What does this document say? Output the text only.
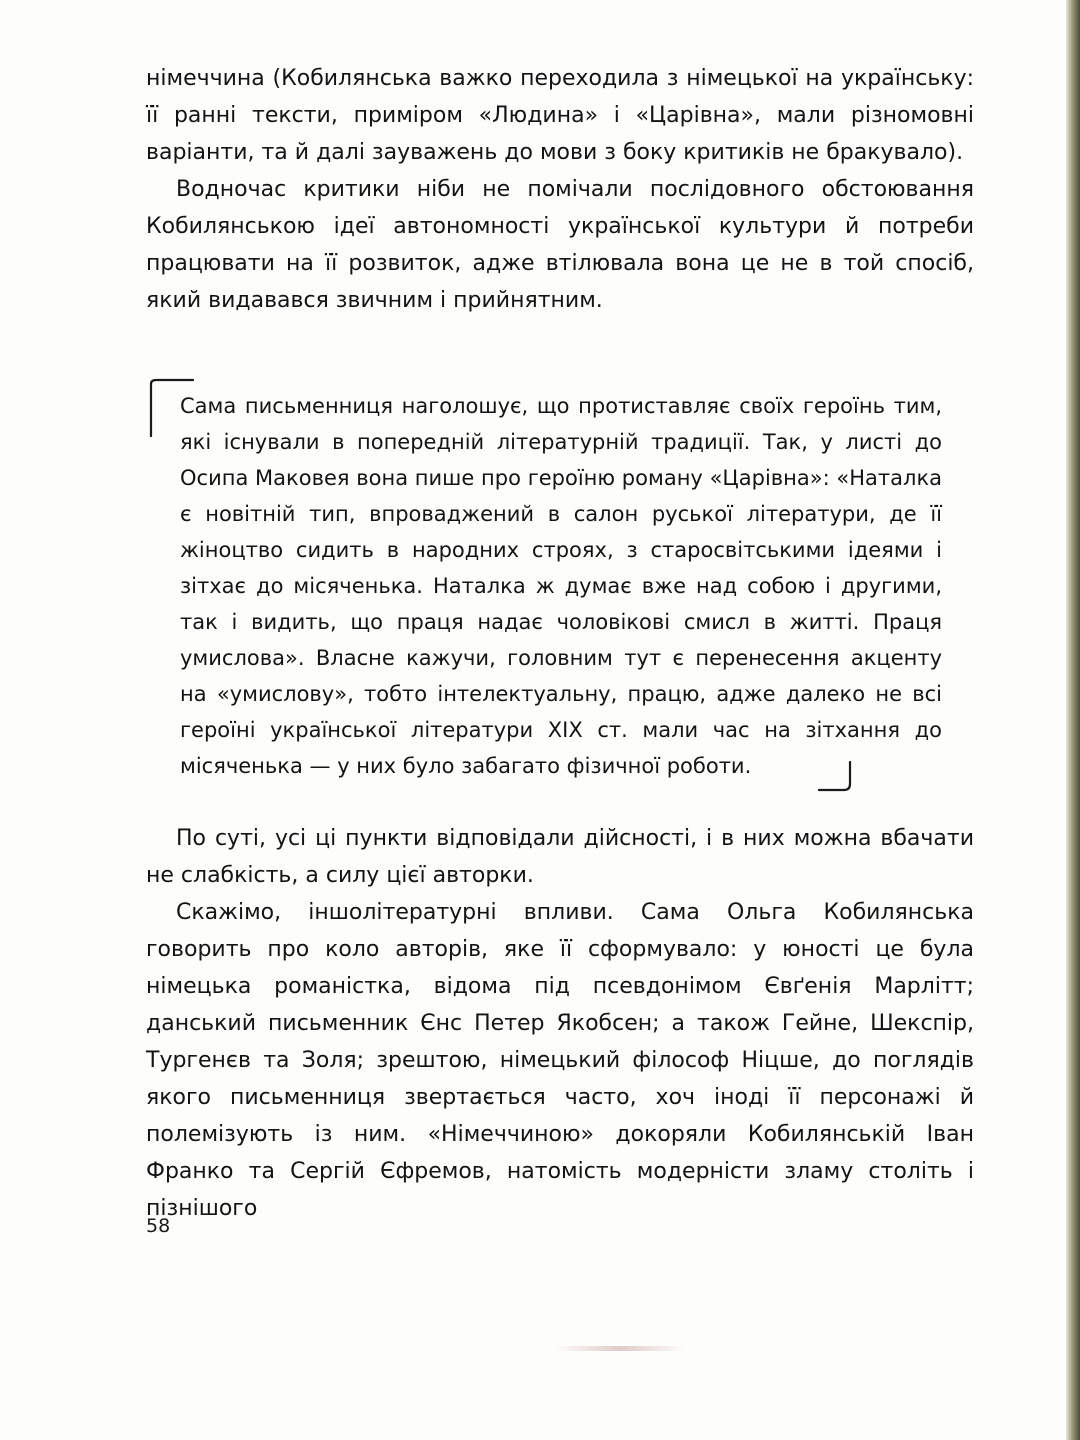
німеччина (Кобилянська важко переходила з німецької на українську: її ранні тексти, приміром «Людина» і «Царівна», мали різномовні варіанти, та й далі зауважень до мови з боку критиків не бракувало).

Водночас критики ніби не помічали послідовного обстоювання Кобилянською ідеї автономності української культури й потреби працювати на її розвиток, адже втілювала вона це не в той спосіб, який видавався звичним і прийнятним.

Сама письменниця наголошує, що протиставляє своїх героїнь тим, які існували в попередній літературній традиції. Так, у листі до Осипа Маковея вона пише про героїню роману «Царівна»: «Наталка є новітній тип, впроваджений в салон руської літератури, де її жіноцтво сидить в народних строях, з старосвітськими ідеями і зітхає до місяченька. Наталка ж думає вже над собою і другими, так і видить, що праця надає чоловікові смисл в житті. Праця умислова». Власне кажучи, головним тут є перенесення акценту на «умислову», тобто інтелектуальну, працю, адже далеко не всі героїні української літератури XIX ст. мали час на зітхання до місяченька — у них було забагато фізичної роботи.

По суті, усі ці пункти відповідали дійсності, і в них можна вбачати не слабкість, а силу цієї авторки.

Скажімо, іншолітературні впливи. Сама Ольга Кобилянська говорить про коло авторів, яке її сформувало: у юності це була німецька романістка, відома під псевдонімом Євґенія Марлітт; данський письменник Єнс Петер Якобсен; а також Гейне, Шекспір, Тургенєв та Золя; зрештою, німецький філософ Ніцше, до поглядів якого письменниця звертається часто, хоч іноді її персонажі й полемізують із ним. «Німеччиною» докоряли Кобилянській Іван Франко та Сергій Єфремов, натомість модерністи зламу століть і пізнішого

58
